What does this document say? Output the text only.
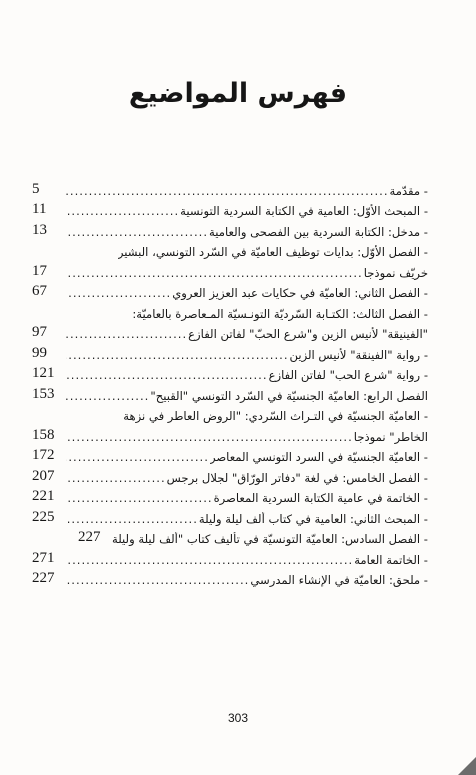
فهرس المواضيع
- مقدّمة
.....
5
- المبحث الأوّل: العامية في الكتابة السردية التونسية
.....
11
- مدخل: الكتابة السردية بين الفصحى والعامية
.....
13
- الفصل الأوّل: بدايات توظيف العاميّة في السّرد التونسي، البشير
خريّف نموذجا
.....
17
- الفصل الثاني: العاميّة في حكايات عبد العزيز العروي
.....
67
- الفصل الثالث: الكتـابة السّرديّة التونـسيّة المـعاصرة بالعاميّة:
"الفينيقة" لأنيس الزين و"شرع الحبّ" لفاتن الفازع
.....
97
- رواية "الفينقة" لأنيس الزين
.....
99
- رواية "شرع الحب" لفاتن الفازع
.....
121
الفصل الرابع: العاميّة الجنسيّة في السّرد التونسي "القبيح"
.....
153
- العاميّة الجنسيّة في التـراث السّردي: "الروض العاطر في نزهة
الخاطر" نموذجا
.....
158
- العاميّة الجنسيّة في السرد التونسي المعاصر
.....
172
- الفصل الخامس: في لغة "دفاتر الورّاق" لجلال برجس
.....
207
- الخاتمة في عامية الكتابة السردية المعاصرة
.....
221
- المبحث الثاني: العامية في كتاب ألف ليلة وليلة
.....
225
- الفصل السادس: العاميّة التونسيّة في تأليف كتاب "ألف ليلة وليلة
227
- الخاتمة العامة
.....
271
- ملحق: العاميّة في الإنشاء المدرسي
.....
227
303
